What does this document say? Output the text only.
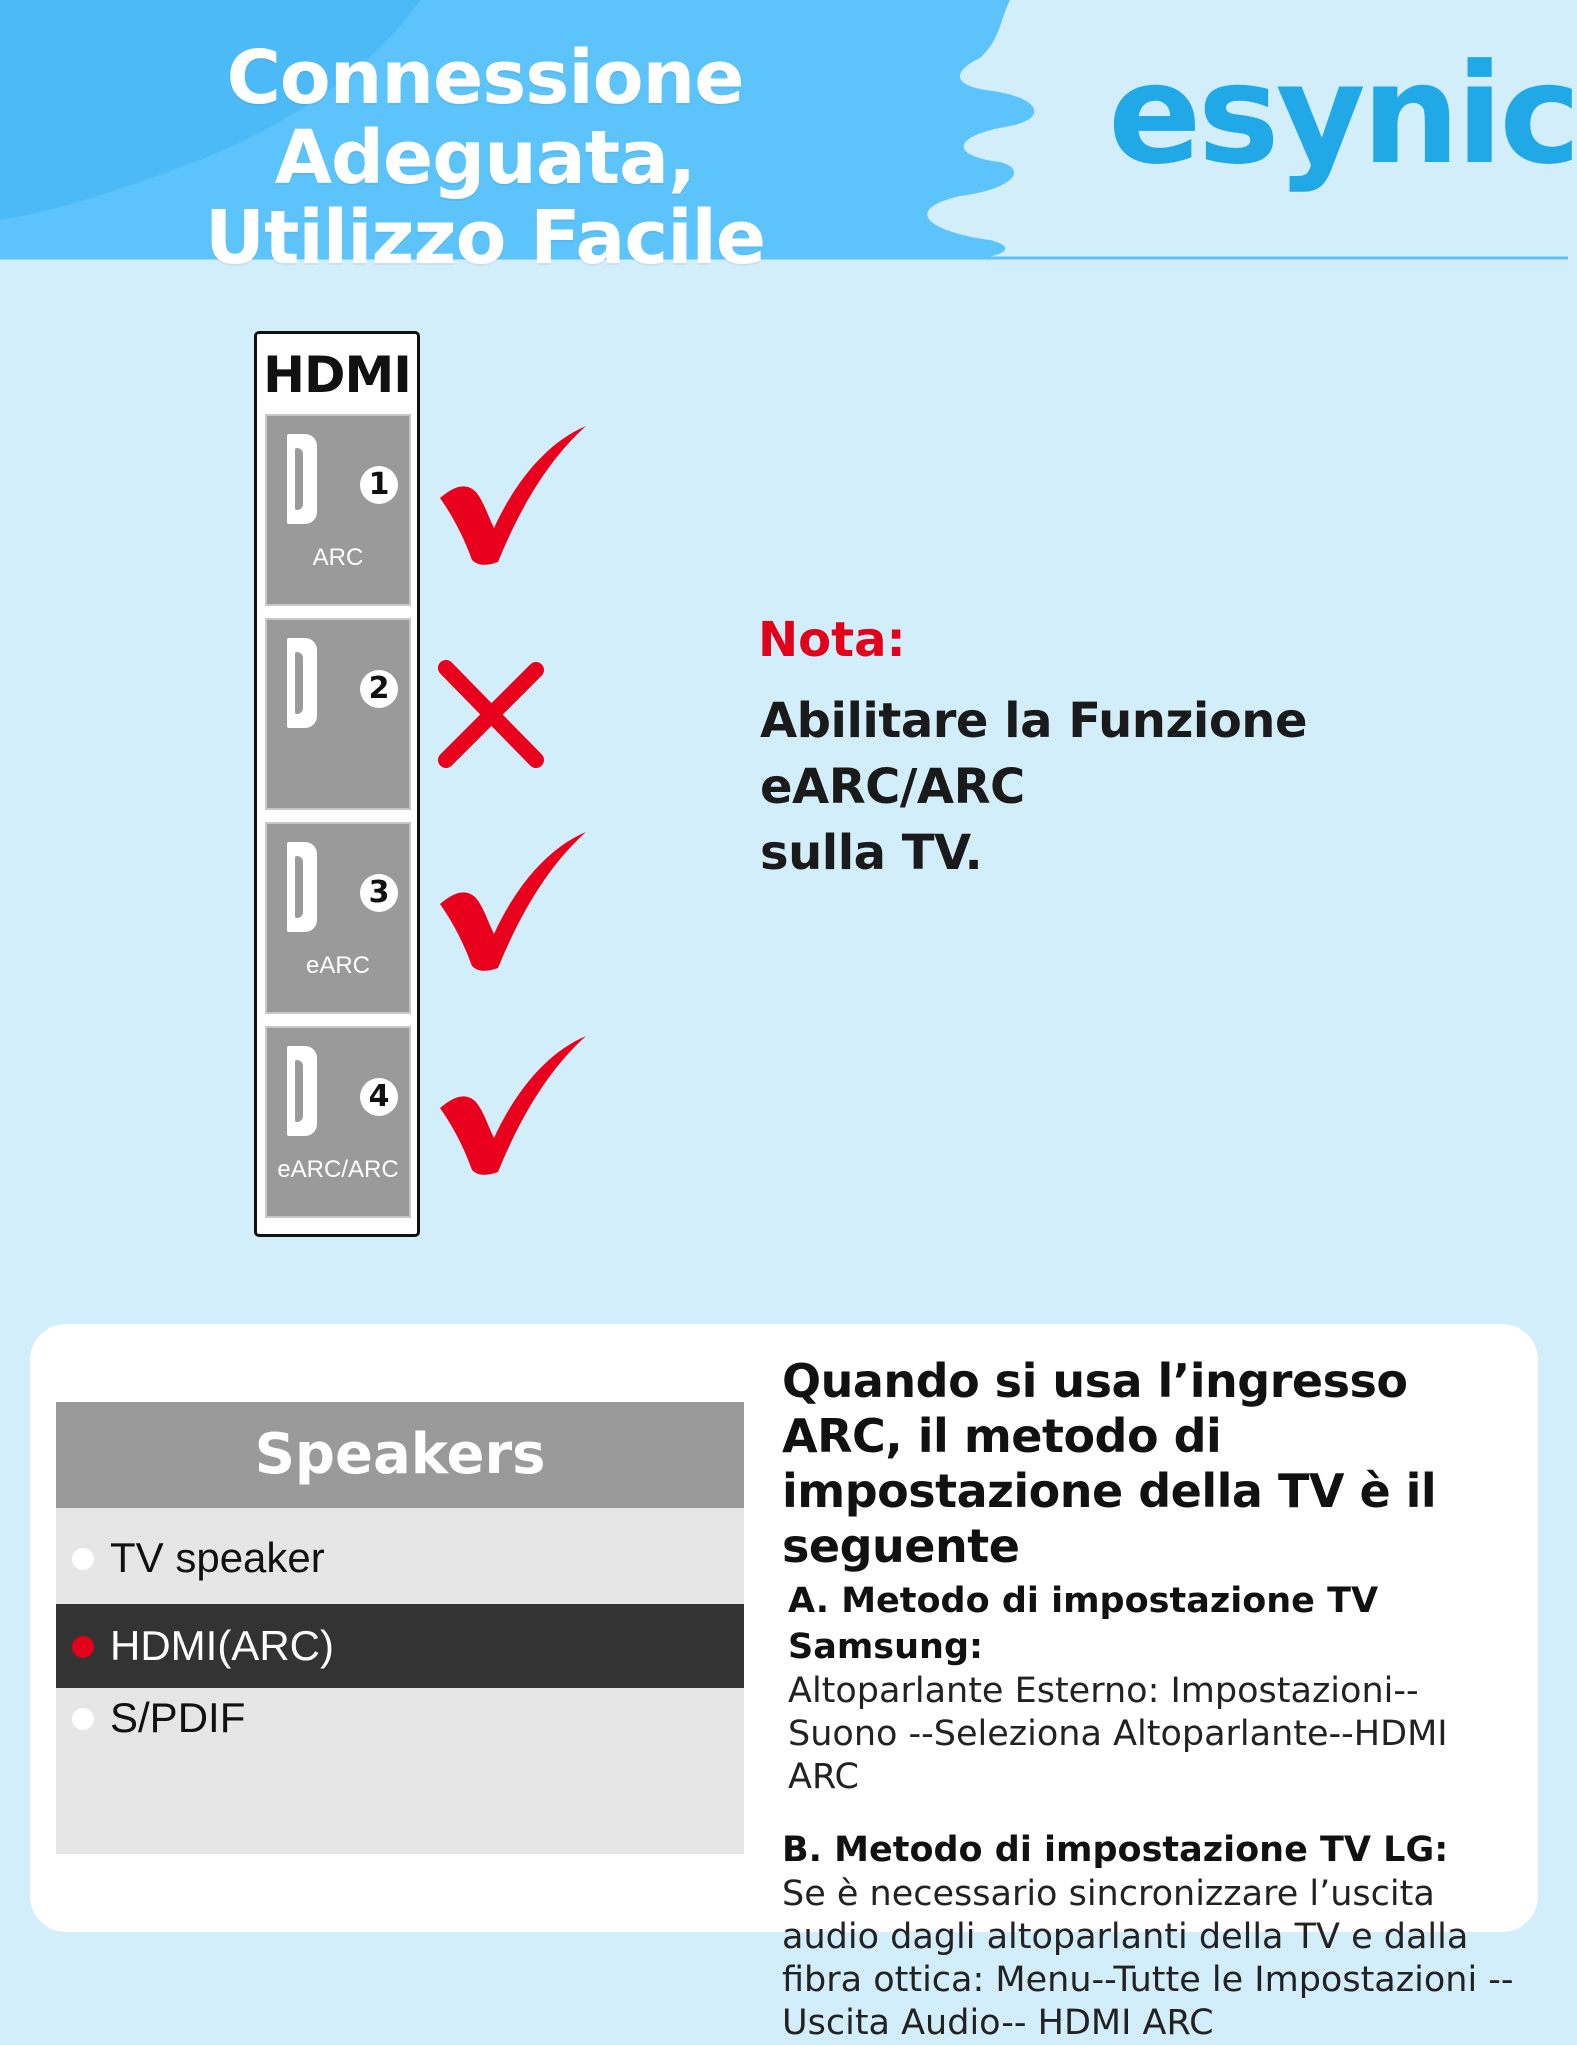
Connessione Adeguata,
Utilizzo Facile
esynic
HDMI
1
ARC
2
3
eARC
4
eARC/ARC
Nota:
Abilitare la Funzione eARC/ARC
sulla TV.
Speakers
TV speaker
HDMI(ARC)
S/PDIF
Quando si usa l’ingresso ARC, il metodo di impostazione della TV è il seguente
A. Metodo di impostazione TV Samsung:
Altoparlante Esterno: Impostazioni--Suono --Seleziona Altoparlante--HDMI ARC
B. Metodo di impostazione TV LG:
Se è necessario sincronizzare l’uscita audio dagli altoparlanti della TV e dalla fibra ottica: Menu--Tutte le Impostazioni --Uscita Audio-- HDMI ARC
